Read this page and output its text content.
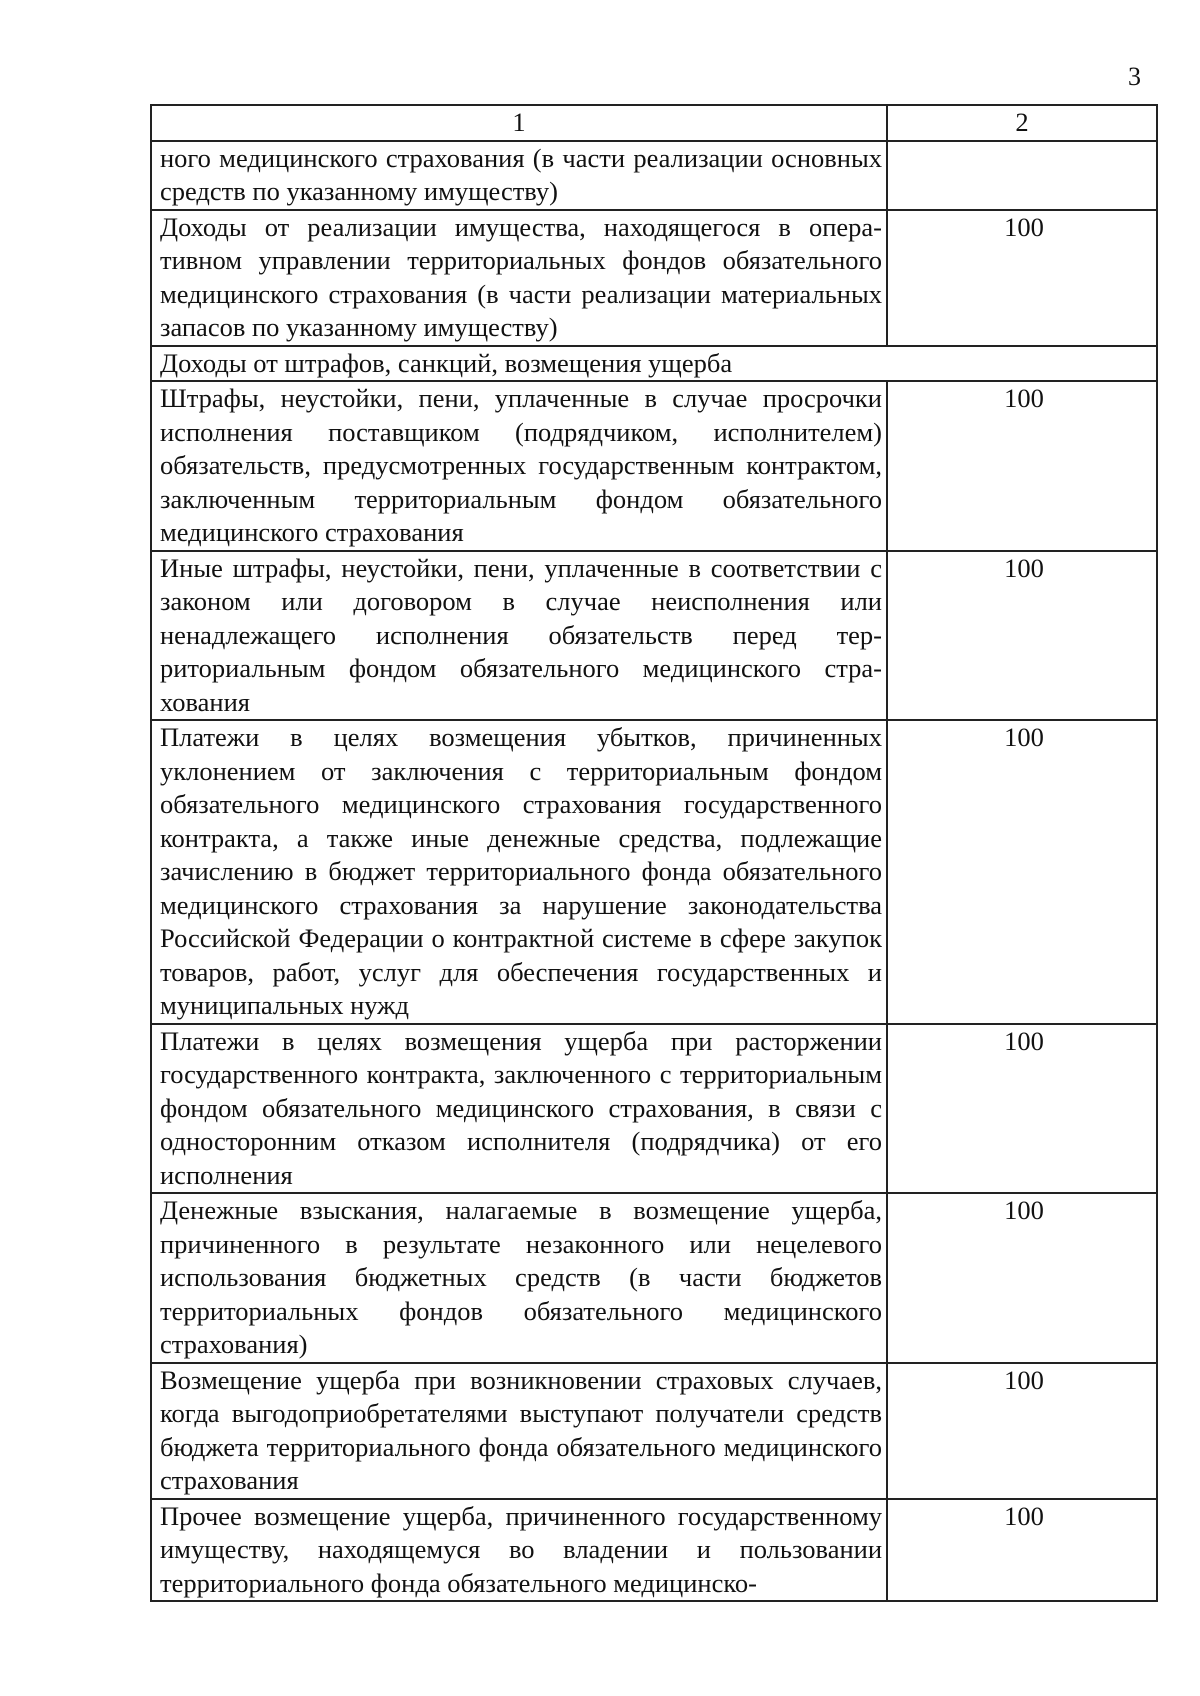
3
1	2
ного медицинского страхования (в части реализации основных средств по указанному имуществу)	
Доходы от реализации имущества, находящегося в оперативном управлении территориальных фондов обязательного медицинского страхования (в части реализации материальных запасов по указанному имуществу)	100
Доходы от штрафов, санкций, возмещения ущерба	
Штрафы, неустойки, пени, уплаченные в случае просрочки исполнения поставщиком (подрядчиком, исполнителем) обязательств, предусмотренных государственным контрактом, заключенным территориальным фондом обязательного медицинского страхования	100
Иные штрафы, неустойки, пени, уплаченные в соответствии с законом или договором в случае неисполнения или ненадлежащего исполнения обязательств перед территориальным фондом обязательного медицинского страхования	100
Платежи в целях возмещения убытков, причиненных уклонением от заключения с территориальным фондом обязательного медицинского страхования государственного контракта, а также иные денежные средства, подлежащие зачислению в бюджет территориального фонда обязательного медицинского страхования за нарушение законодательства Российской Федерации о контрактной системе в сфере закупок товаров, работ, услуг для обеспечения государственных и муниципальных нужд	100
Платежи в целях возмещения ущерба при расторжении государственного контракта, заключенного с территориальным фондом обязательного медицинского страхования, в связи с односторонним отказом исполнителя (подрядчика) от его исполнения	100
Денежные взыскания, налагаемые в возмещение ущерба, причиненного в результате незаконного или нецелевого использования бюджетных средств (в части бюджетов территориальных фондов обязательного медицинского страхования)	100
Возмещение ущерба при возникновении страховых случаев, когда выгодоприобретателями выступают получатели средств бюджета территориального фонда обязательного медицинского страхования	100
Прочее возмещение ущерба, причиненного государственному имуществу, находящемуся во владении и пользовании территориального фонда обязательного медицинско-	100
